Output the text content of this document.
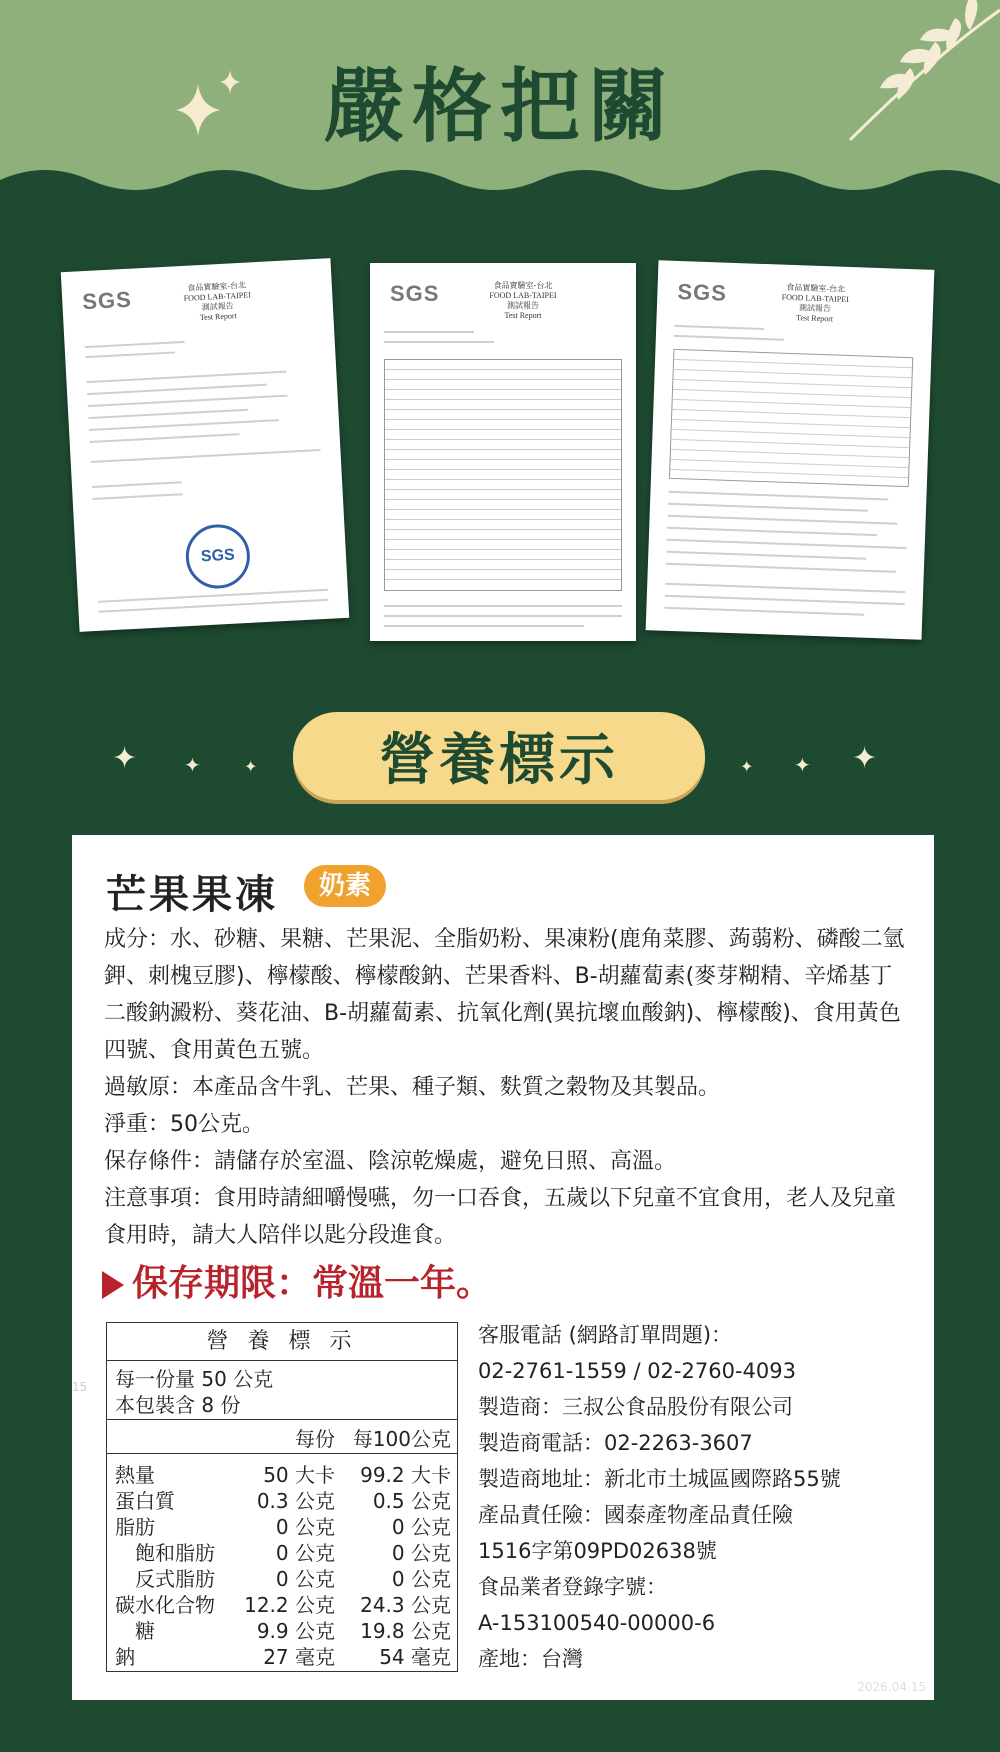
嚴格把關
SGS	食品實驗室-台北
FOOD LAB-TAIPEI
測試報告
Test Report
SGS
SGS	食品實驗室-台北
FOOD LAB-TAIPEI
測試報告
Test Report
SGS	食品實驗室-台北
FOOD LAB-TAIPEI
測試報告
Test Report
✦ ✦	✦ 營養標示	✦ ✦ ✦
芒果果凍	奶素
成分：水、砂糖、果糖、芒果泥、全脂奶粉、果凍粉(鹿角菜膠、蒟蒻粉、磷酸二氫鉀、刺槐豆膠)、檸檬酸、檸檬酸鈉、芒果香料、B-胡蘿蔔素(麥芽糊精、辛烯基丁二酸鈉澱粉、葵花油、B-胡蘿蔔素、抗氧化劑(異抗壞血酸鈉)、檸檬酸)、食用黃色四號、食用黃色五號。
過敏原：本產品含牛乳、芒果、種子類、麩質之穀物及其製品。
淨重：50公克。
保存條件：請儲存於室溫、陰涼乾燥處，避免日照、高溫。
注意事項：食用時請細嚼慢嚥，勿一口吞食，五歲以下兒童不宜食用，老人及兒童食用時，請大人陪伴以匙分段進食。
保存期限：常溫一年。
15
營 養 標 示
每一份量 50 公克
本包裝含 8 份
每份 每100公克
熱量	50 大卡 99.2 大卡
蛋白質	0.3 公克 0.5 公克
脂肪	0 公克	0 公克
　飽和脂肪	0 公克	0 公克
　反式脂肪	0 公克	0 公克
碳水化合物 12.2 公克 24.3 公克
　糖	9.9 公克 19.8 公克
鈉	27 毫克 54 毫克
客服電話 (網路訂單問題)：
02-2761-1559 / 02-2760-4093
製造商：三叔公食品股份有限公司
製造商電話：02-2263-3607
製造商地址：新北市土城區國際路55號
產品責任險：國泰產物產品責任險
1516字第09PD02638號
食品業者登錄字號：
A-153100540-00000-6
產地：台灣
2026.04.15
